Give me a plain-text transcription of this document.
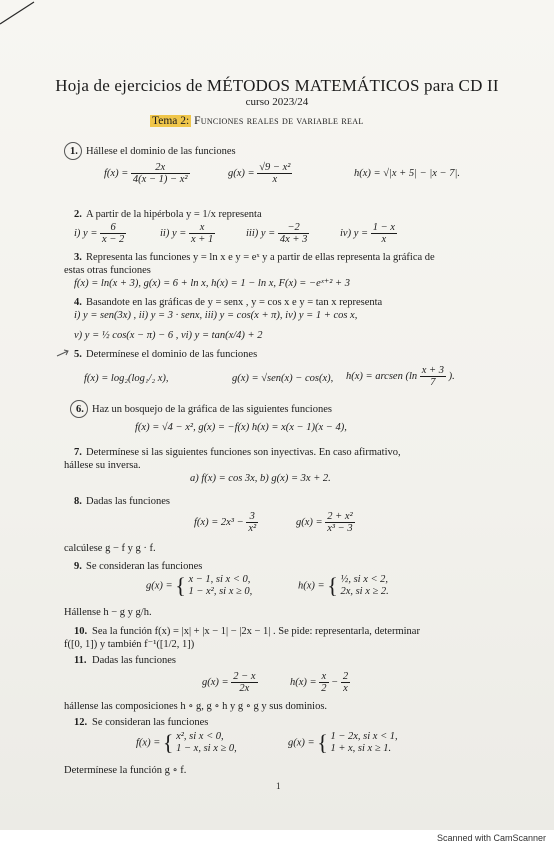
Hoja de ejercicios de MÉTODOS MATEMÁTICOS para CD II
curso 2023/24
Tema 2: Funciones reales de variable real
1. Hállese el dominio de las funciones
$f(x) = \frac{2x}{\text{4(x − 1) − x²}}$	$g(x) = \frac{\text{√9 − x²}}{x}$	h(x) = √|x + 5| − |x − 7|.
2. A partir de la hipérbola y = 1/x representa
i) $y = \frac{6}{x - 2}$	ii) $y = \frac{x}{x + 1}$	iii) $y = \frac{-2}{4x + 3}$	iv) $y = \frac{1 - x}{x}$
3. Representa las funciones y = ln x e y = eˣ y a partir de ellas representa la gráfica de
estas otras funciones
f(x) = ln(x + 3), g(x) = 6 + ln x, h(x) = 1 − ln x, F(x) = −eˣ⁺² + 3
4. Basandote en las gráficas de y = senx , y = cos x e y = tan x representa
i) y = sen(3x) , ii) y = 3 · senx, iii) y = cos(x + π), iv) y = 1 + cos x,
v) y = ½ cos(x − π) − 6 , vi) y = tan(x/4) + 2
5. Determínese el dominio de las funciones
f(x) = log₂(log₁/₂ x),	g(x) = √sen(x) − cos(x), h(x) = arcsen ($\ln \frac{x + 3}{7}$ ).
6. Haz un bosquejo de la gráfica de las siguientes funciones
f(x) = √4 − x², g(x) = −f(x) h(x) = x(x − 1)(x − 4),
7. Determínese si las siguientes funciones son inyectivas. En caso afirmativo,
hállese su inversa.
a) f(x) = cos 3x, b) g(x) = 3x + 2.
8. Dadas las funciones
$f(x) = 2x^3 - \frac{3}{\text{x²}}$	$g(x) = \frac{\text{2 + x²}}{\text{x³ − 3}}$
calcúlese g − f y g · f.
9. Se consideran las funciones
g(x) = { x − 1, si x < 0,
1 − x², si x ≥ 0,
h(x) = { ½, si x < 2,
2x, si x ≥ 2.
Hállense h − g y g/h.
10. Sea la función f(x) = |x| + |x − 1| − |2x − 1| . Se pide: representarla, determinar
f([0, 1]) y también f⁻¹([1/2, 1])
11. Dadas las funciones
$g(x) = \frac{2 - x}{2x}$	$h(x) = \frac{x}{2} - \frac{2}{x}$
hállense las composiciones h ∘ g, g ∘ h y g ∘ g y sus dominios.
12. Se consideran las funciones
f(x) = { x², si x < 0,
1 − x, si x ≥ 0,
g(x) = { 1 − 2x, si x < 1,
1 + x, si x ≥ 1.
Determínese la función g ∘ f.
1
Scanned with CamScanner
